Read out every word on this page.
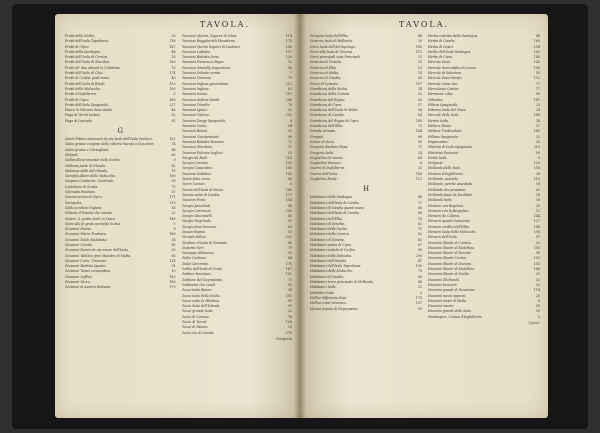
TAVOLA.
Frutti della Sicilia.	35
Frutti dell'Isola Taprobana.	138
Frutti di Cipro.	167
Frutti della Sardegna.	48
Frutti dell'Isola di Corsica.	53
Frutti dell'Isola di Zanzibar.	180
Frutti de' due abundi la Cefalonia.	73
Frutti dell'Isola di Chio.	174
Frutti di Corfou quali siano.	40
Frutti dell'Isola di Rhodi.	153
Frutti delle Molucche.	190
Frutti d'Inghilterra.	5
Frutti di Cipro.	168
Frutti dell'Isola Spagnuola.	217
Fuoco in Vulcano dove stiede.	46
Fuga di Vermi Isolani.	52
Fuga di Leucade.	81
G
Gente Pittine summarii da piu Isole dell'Isola Santoro.	152
Galeo grasse congran della vittoria havuta a Cunzolari.	74
Galeo grasse e Corsegliani.	88
Galipoli.	80
Gallanolla promontor della Scotia.	9
Gallessa parte di Irlanda.	82
Galeassa della del Irlanda.	15
Garofoli,albero delle Molucche.	190
Gasparo Contarino, Cardinale.	95
Castellano di Scotia.	73
Gelmulas Positano.	57
Genova prima di Cipro.	171
Gerapoles.	119
Gildo scrittore Inglese.	16
Giliante d'Irlanda che mando.	22
Gineni, & grotte molti in Cipro.	149
Gioni alle fe grote aurevole Scotia.	5
Giovanni Stiano.	8
Giovanni Pietro Tradesco.	188
Giovanni Soldo Malatesta.	35
Giovanni Comite.	85
Giovanni Romio da me sonne dell'Isola.	53
Giovanni Vallette gran Maestro di Malta.	60
Giovanni Corte, Travenso.	114
Giovanni Battista Ignatio.	91
Giovanni Tomei scropnatino.	13
Giovanni Suffivo.	183
Giovanni Zarco.	180
Giovanni di Aurora Idoluesa.	179
Giovanni Quirini, Signore di Nixia.	114
Giovanni Roggiberteli Mossitano.	175
Giovanni Quirini Signori di Lautenci.	106
Giovanni Lafiosta.	137
Giovanni Battista Sona.	130
Giovanni Francesco Fagio.	12
Giovanni Sonnelly Imperatore.	56
Giovanni Salmite errata.	7
Giovanni Tornosio.	79
Giovanni Inglese generalista.	112
Giovanni Inglese.	83
Giovanni Ivonio.	187
Giovanni Andrea Dandi.	140
Giovanni Trimilio.	79
Giovanni Ignazi.	55
Giovanni Calvino.	102
Giovanni Zango Spagnuolo.	8
Giovanni Conte.	94
Giovanni Bolani.	93
Giovanni Constantinati.	90
Giovanni Battista Romano.	72
Giovanni Giordano.	11
Giovanni Fulvano Inglese.	51
Giorgio da Rodi.	116
Giorgio Carrista.	102
Giorgio Costantino.	168
Giovanni Sottilino.	182
Giorni falso come.	49
Giorni Corsari.	6
Giovan dell'Isola di Nicea.	188
Giovani sotto di Candia.	170
Giovanni Prete.	154
Giorgio Jesselanti.	96
Giorgio Carrancio.	108
Giorgio Vascontelli.	85
Giorgio Negrinolo.	91
Giorgio dove bevenia.	83
Giouan Espino.	15
Gironda Fallire.	102
Girolamo d'Isola di Nemiset.	88
Gisberto Neri.	79
Giuseppe Adimanza.	91
Giulio Carbone.	84
Giulio Carerrato.	170
Gobbo dell'Isola di Creta.	167
Goldaro Venetiani.	101
Gobbone del Negropante.	75
Gobbastra che vendi.	91
Gozzo Isola Rianer.	38
Gozzo isola della Sicilia.	101
Gozzo sotto di Hitolasa.	95
Gozzo Isola dell'Irlanda.	91
Gozzo grande Isola.	23
Gozzo di Corsica.	76
Gozzo di Vercel.	108
Gozzo di Fatono.	13
Gozzo via di Candia.	170
Gregorio
TAVOLA.
Gorgona Isola dell'Elba.	48
Governo Isola di Hollanda.	20
Greci Isola dell'Archipelago.	180
Greci alla Isola di Giovara.	111
Greci principali cosa Principali.	13
Governo di Venetia.	15
Governo di Elba.	13
Governo di Malta.	14
Governo di Candia.	58
Greco di Levante.	197
Grandezza della Sicilia.	14
Grandezza della Corsica.	52
Grandezza del Regno.	63
Grandezza di Cipro.	57
Grandezza dell'Isola di Malta.	58
Grandezza di Candia.	64
Grandezza del Regno di Cipro.	160
Grandezza dell'Elba.	73
Grande Armata.	164
Gruppio.	68
Grazie di Gozo.	93
Gregorio Bardaro Papa.	71
Gregorio Isola.	24
Guglielmo de monte.	64
Guglielmo Vescovo.	8
Guerre di Inghilterra.	32
Guerre dell'Isola.	168
Guglielmo Reale.	112
H
Habitatori della Sardegna.	49
Habitatori dell'Isola di Candia.	71
Habitatori di Candia quanti siano.	60
Habitatori dell'Isola di Candia.	60
Habitatori dell'Elba.	15
Habitatori di Venetia.	62
Habitatori della Sicilia.	72
Habitatori della Corsica.	62
Habitatori di Venetia.	82
Habitatori primo di Cipro.	67
Habitatori antichi di Corfou.	90
Habitatori della Dalmatia.	200
Habitatori dell'Irlanda.	47
Habitatori dell'Isola Taprobana.	190
Habitatori delle Molucche.	70
Habitatori di Candia.	90
Habitatori terre principale di Hollanda.	40
Habitatori Isola.	11
Hebrides Isola.	5
Hellini differente dove.	175
Hellini come vivevano.	197
Hemos popola di Negropante.	93
Herba calentia della Sardegna.	48
Herba di Candia.	165
Herba di Lipari.	104
Herbe dell'Isola Sardegna.	163
Herbe di Cipro.	149
Hercole Insul.	145
Hercole dove edifico lo Leone.	100
Hercole di Salvatore.	55
Hercole dove trionfo.	152
Hercole come Aiu.	17
Herculanio Contea.	17
Hermione citta.	90
Hibernia.	147
Hibero Spagnuolo.	25
Hiberno Isola del Nixia.	34
Hercole delle Isole.	168
Hernia Isola.	18
Hettore Dunio.	17
Hettore Tredeschian.	169
Hillano Spagnuolo.	32
Hippocrates.	16
Historia di Isola Spagnuola.	210
Historiae Pomonio.	59
Holda Isola.	9
Holguesi.	120
Hollanda delle Isole.	118
Homero d'Inghilterra.	38
Hollanda, essendo.	115
Hollanda, perche assediata.	18
Hollanda che prossimo.	63
Hollanda fosse de facilitate.	19
Hollanda Isola.	18
Homero con Bogolani.	20
Homero con la Bergolani.	12
Homero de Colonia.	144
Homero quanti inumerosi.	137
Homero credito dell'Elba.	146
Homero Isola delle Molucche.	190
Homero dell'Isola.	57
Huomini illustri di Corsica.	52
Huomini illustri di Metellino.	150
Huomini illustri di Venetia.	56
Huomini illustri Corsini.	155
Huomini illustri di Giovani.	153
Huomini illustri di Metellino.	166
Huomini illustri di Sicilia.	25
Huomini Ghirlanda.	53
Huomini benevoli.	33
Huomini grandi di Diramone.	118
Huomini mezzi opposti.	25
Huomini rinati di Malta.	8
Huomini marini.	59
Huomini grandi delle Isole.	19
Huntington, Contea d'Inghilterra.	5
I Jaco-
